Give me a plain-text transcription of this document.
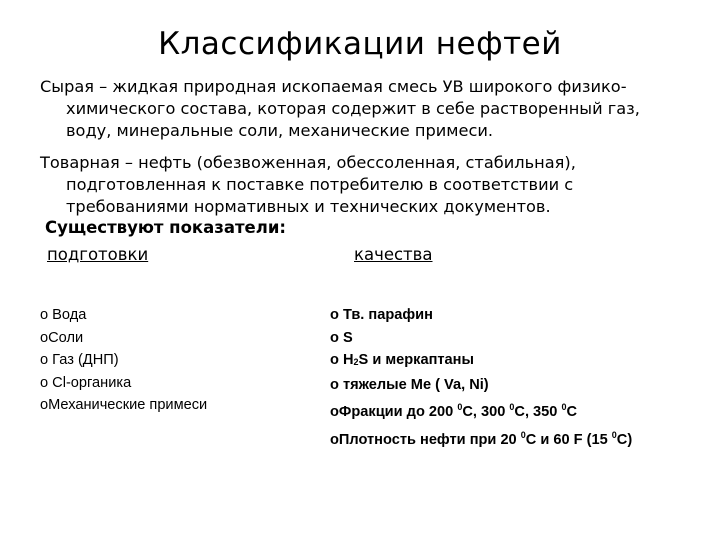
Классификации нефтей
Сырая – жидкая природная ископаемая смесь УВ широкого физико-
химического состава, которая содержит в себе растворенный газ,
воду, минеральные соли, механические примеси.
Товарная – нефть (обезвоженная, обессоленная, стабильная),
подготовленная к поставке потребителю в соответствии с
требованиями нормативных и технических документов.
Существуют показатели:
подготовки	качества
o Вода
oСоли
o Газ (ДНП)
o Cl-органика
oМеханические примеси
o Тв. парафин
o S
o $H_2S$ и меркаптаны
o тяжелые Me ( Va, Ni)
oФракции до 200 $^0$С, 300 $^0$С, 350 $^0$С
oПлотность нефти при 20 $^0$С и 60 F (15 $^0$С)
